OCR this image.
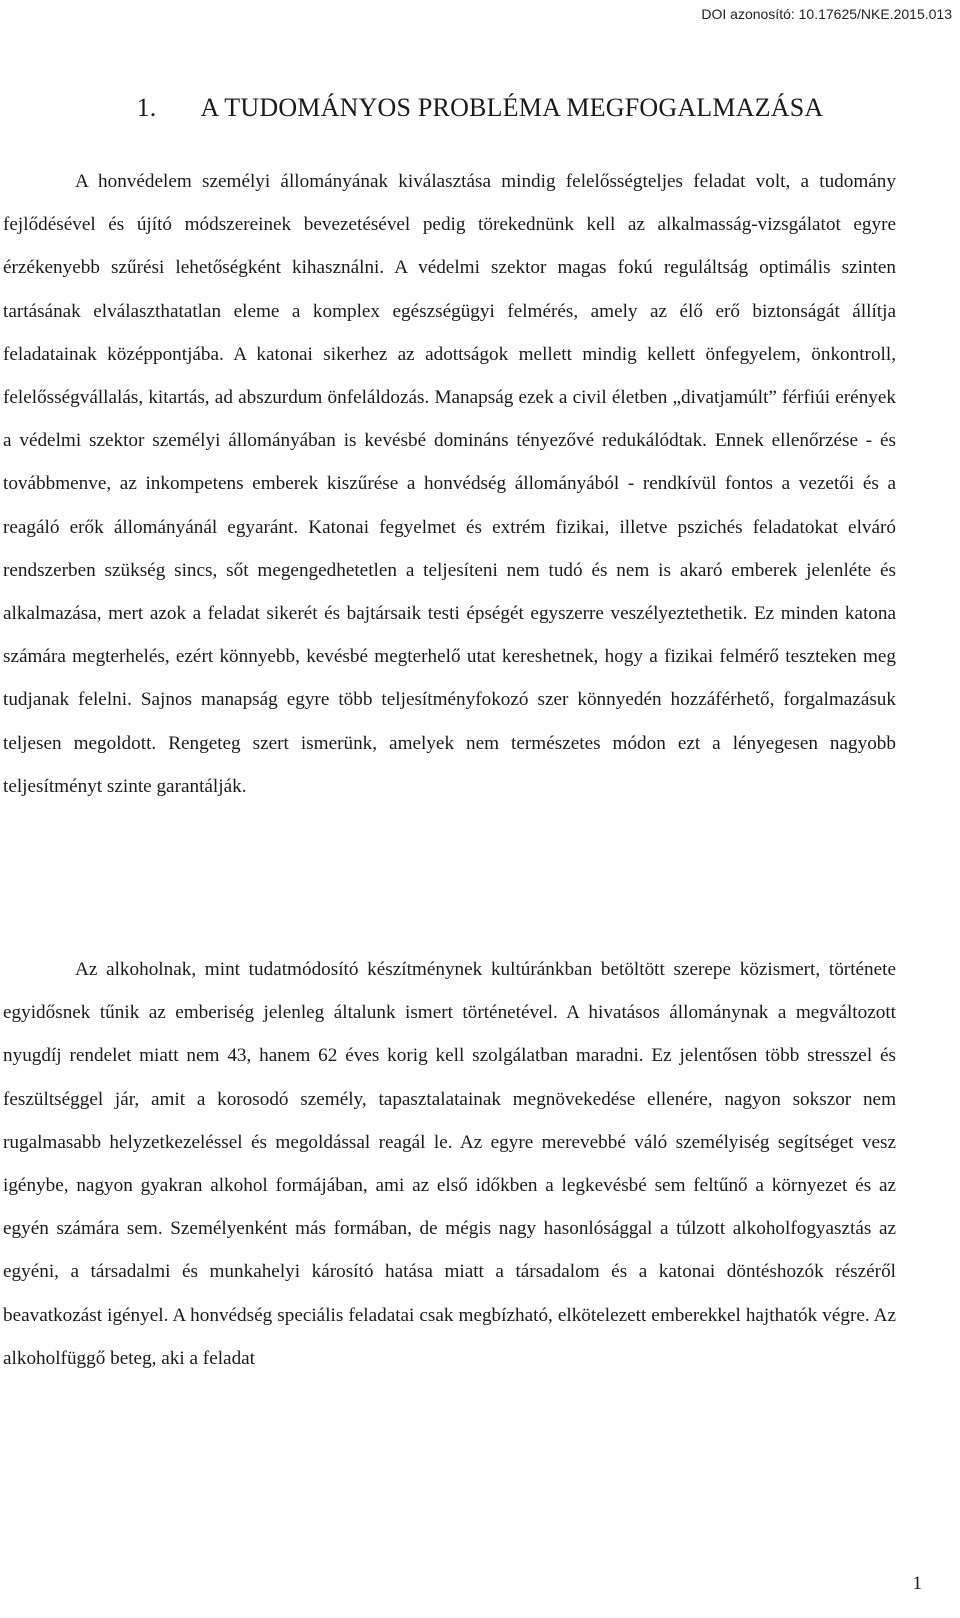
DOI azonosító: 10.17625/NKE.2015.013
1. A TUDOMÁNYOS PROBLÉMA MEGFOGALMAZÁSA

A honvédelem személyi állományának kiválasztása mindig felelősségteljes feladat volt, a tudomány fejlődésével és újító módszereinek bevezetésével pedig törekednünk kell az alkalmasság-vizsgálatot egyre érzékenyebb szűrési lehetőségként kihasználni. A védelmi szektor magas fokú reguláltság optimális szinten tartásának elválaszthatatlan eleme a komplex egészségügyi felmérés, amely az élő erő biztonságát állítja feladatainak középpontjába. A katonai sikerhez az adottságok mellett mindig kellett önfegyelem, önkontroll, felelősségvállalás, kitartás, ad abszurdum önfeláldozás. Manapság ezek a civil életben „divatjamúlt” férfiúi erények a védelmi szektor személyi állományában is kevésbé domináns tényezővé redukálódtak. Ennek ellenőrzése - és továbbmenve, az inkompetens emberek kiszűrése a honvédség állományából - rendkívül fontos a vezetői és a reagáló erők állományánál egyaránt. Katonai fegyelmet és extrém fizikai, illetve pszichés feladatokat elváró rendszerben szükség sincs, sőt megengedhetetlen a teljesíteni nem tudó és nem is akaró emberek jelenléte és alkalmazása, mert azok a feladat sikerét és bajtársaik testi épségét egyszerre veszélyeztethetik. Ez minden katona számára megterhelés, ezért könnyebb, kevésbé megterhelő utat kereshetnek, hogy a fizikai felmérő teszteken meg tudjanak felelni. Sajnos manapság egyre több teljesítményfokozó szer könnyedén hozzáférhető, forgalmazásuk teljesen megoldott. Rengeteg szert ismerünk, amelyek nem természetes módon ezt a lényegesen nagyobb teljesítményt szinte garantálják.

Az alkoholnak, mint tudatmódosító készítménynek kultúránkban betöltött szerepe közismert, története egyidősnek tűnik az emberiség jelenleg általunk ismert történetével. A hivatásos állománynak a megváltozott nyugdíj rendelet miatt nem 43, hanem 62 éves korig kell szolgálatban maradni. Ez jelentősen több stresszel és feszültséggel jár, amit a korosodó személy, tapasztalatainak megnövekedése ellenére, nagyon sokszor nem rugalmasabb helyzetkezeléssel és megoldással reagál le. Az egyre merevebbé váló személyiség segítséget vesz igénybe, nagyon gyakran alkohol formájában, ami az első időkben a legkevésbé sem feltűnő a környezet és az egyén számára sem. Személyenként más formában, de mégis nagy hasonlósággal a túlzott alkoholfogyasztás az egyéni, a társadalmi és munkahelyi károsító hatása miatt a társadalom és a katonai döntéshozók részéről beavatkozást igényel. A honvédség speciális feladatai csak megbízható, elkötelezett emberekkel hajthatók végre. Az alkoholfüggő beteg, aki a feladat

1
